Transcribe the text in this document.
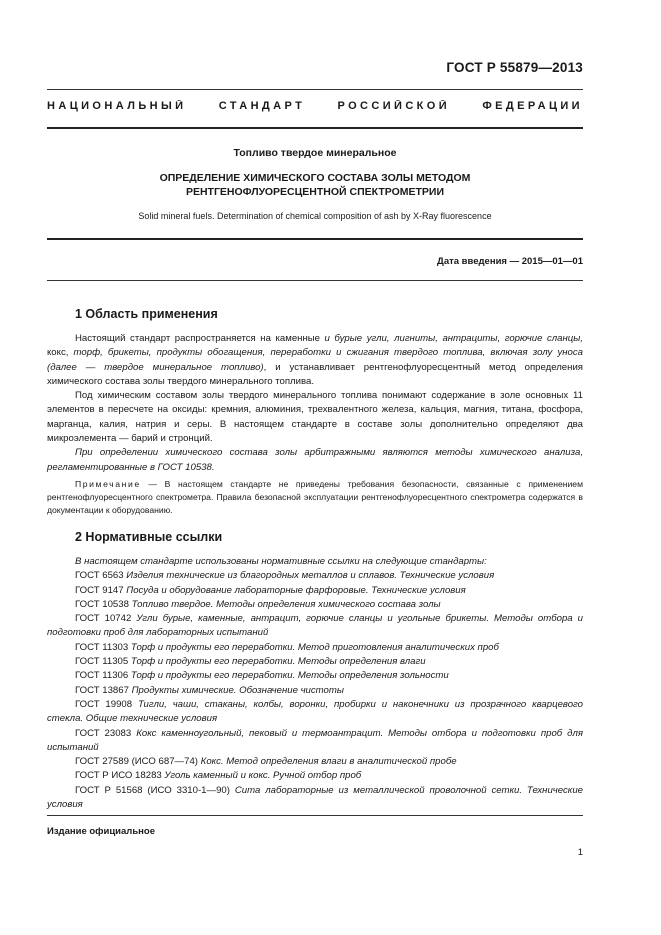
ГОСТ Р 55879—2013
НАЦИОНАЛЬНЫЙ СТАНДАРТ РОССИЙСКОЙ ФЕДЕРАЦИИ
Топливо твердое минеральное
ОПРЕДЕЛЕНИЕ ХИМИЧЕСКОГО СОСТАВА ЗОЛЫ МЕТОДОМ
РЕНТГЕНОФЛУОРЕСЦЕНТНОЙ СПЕКТРОМЕТРИИ
Solid mineral fuels. Determination of chemical composition of ash by X-Ray fluorescence
Дата введения — 2015—01—01
1 Область применения

Настоящий стандарт распространяется на каменные и бурые угли, лигниты, антрациты, горючие сланцы, кокс, торф, брикеты, продукты обогащения, переработки и сжигания твердого топлива, включая золу уноса (далее — твердое минеральное топливо), и устанавливает рентгенофлуоресцентный метод определения химического состава золы твердого минерального топлива.

Под химическим составом золы твердого минерального топлива понимают содержание в золе основных 11 элементов в пересчете на оксиды: кремния, алюминия, трехвалентного железа, кальция, магния, титана, фосфора, марганца, калия, натрия и серы. В настоящем стандарте в составе золы дополнительно определяют два микроэлемента — барий и стронций.

При определении химического состава золы арбитражными являются методы химического анализа, регламентированные в ГОСТ 10538.

Примечание — В настоящем стандарте не приведены требования безопасности, связанные с применением рентгенофлуоресцентного спектрометра. Правила безопасной эксплуатации рентгенофлуоресцентного спектрометра содержатся в документации к оборудованию.

2 Нормативные ссылки

В настоящем стандарте использованы нормативные ссылки на следующие стандарты:

ГОСТ 6563 Изделия технические из благородных металлов и сплавов. Технические условия

ГОСТ 9147 Посуда и оборудование лабораторные фарфоровые. Технические условия

ГОСТ 10538 Топливо твердое. Методы определения химического состава золы

ГОСТ 10742 Угли бурые, каменные, антрацит, горючие сланцы и угольные брикеты. Методы отбора и подготовки проб для лабораторных испытаний

ГОСТ 11303 Торф и продукты его переработки. Метод приготовления аналитических проб

ГОСТ 11305 Торф и продукты его переработки. Методы определения влаги

ГОСТ 11306 Торф и продукты его переработки. Методы определения зольности

ГОСТ 13867 Продукты химические. Обозначение чистоты

ГОСТ 19908 Тигли, чаши, стаканы, колбы, воронки, пробирки и наконечники из прозрачного кварцевого стекла. Общие технические условия

ГОСТ 23083 Кокс каменноугольный, пековый и термоантрацит. Методы отбора и подготовки проб для испытаний

ГОСТ 27589 (ИСО 687—74) Кокс. Метод определения влаги в аналитической пробе

ГОСТ Р ИСО 18283 Уголь каменный и кокс. Ручной отбор проб

ГОСТ Р 51568 (ИСО 3310-1—90) Сита лабораторные из металлической проволочной сетки. Технические условия

Издание официальное
1
